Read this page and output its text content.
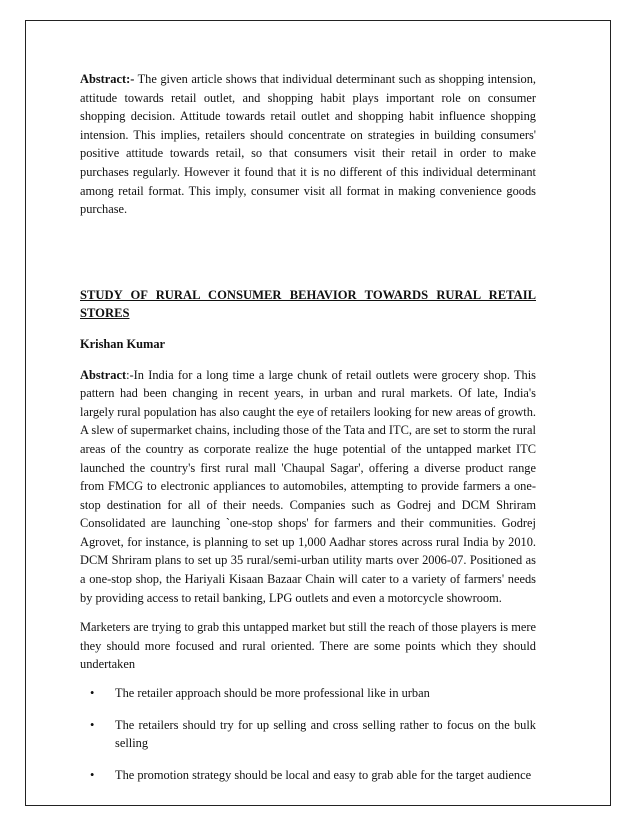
Abstract:- The given article shows that individual determinant such as shopping intension, attitude towards retail outlet, and shopping habit plays important role on consumer shopping decision. Attitude towards retail outlet and shopping habit influence shopping intension. This implies, retailers should concentrate on strategies in building consumers' positive attitude towards retail, so that consumers visit their retail in order to make purchases regularly. However it found that it is no different of this individual determinant among retail format. This imply, consumer visit all format in making convenience goods purchase.

STUDY OF RURAL CONSUMER BEHAVIOR TOWARDS RURAL RETAIL STORES

Krishan Kumar

Abstract:-In India for a long time a large chunk of retail outlets were grocery shop. This pattern had been changing in recent years, in urban and rural markets. Of late, India's largely rural population has also caught the eye of retailers looking for new areas of growth. A slew of supermarket chains, including those of the Tata and ITC, are set to storm the rural areas of the country as corporate realize the huge potential of the untapped market ITC launched the country's first rural mall 'Chaupal Sagar', offering a diverse product range from FMCG to electronic appliances to automobiles, attempting to provide farmers a one-stop destination for all of their needs. Companies such as Godrej and DCM Shriram Consolidated are launching `one-stop shops' for farmers and their communities. Godrej Agrovet, for instance, is planning to set up 1,000 Aadhar stores across rural India by 2010. DCM Shriram plans to set up 35 rural/semi-urban utility marts over 2006-07. Positioned as a one-stop shop, the Hariyali Kisaan Bazaar Chain will cater to a variety of farmers' needs by providing access to retail banking, LPG outlets and even a motorcycle showroom.

Marketers are trying to grab this untapped market but still the reach of those players is mere they should more focused and rural oriented. There are some points which they should undertaken

• The retailer approach should be more professional like in urban
• The retailers should try for up selling and cross selling rather to focus on the bulk selling
• The promotion strategy should be local and easy to grab able for the target audience
